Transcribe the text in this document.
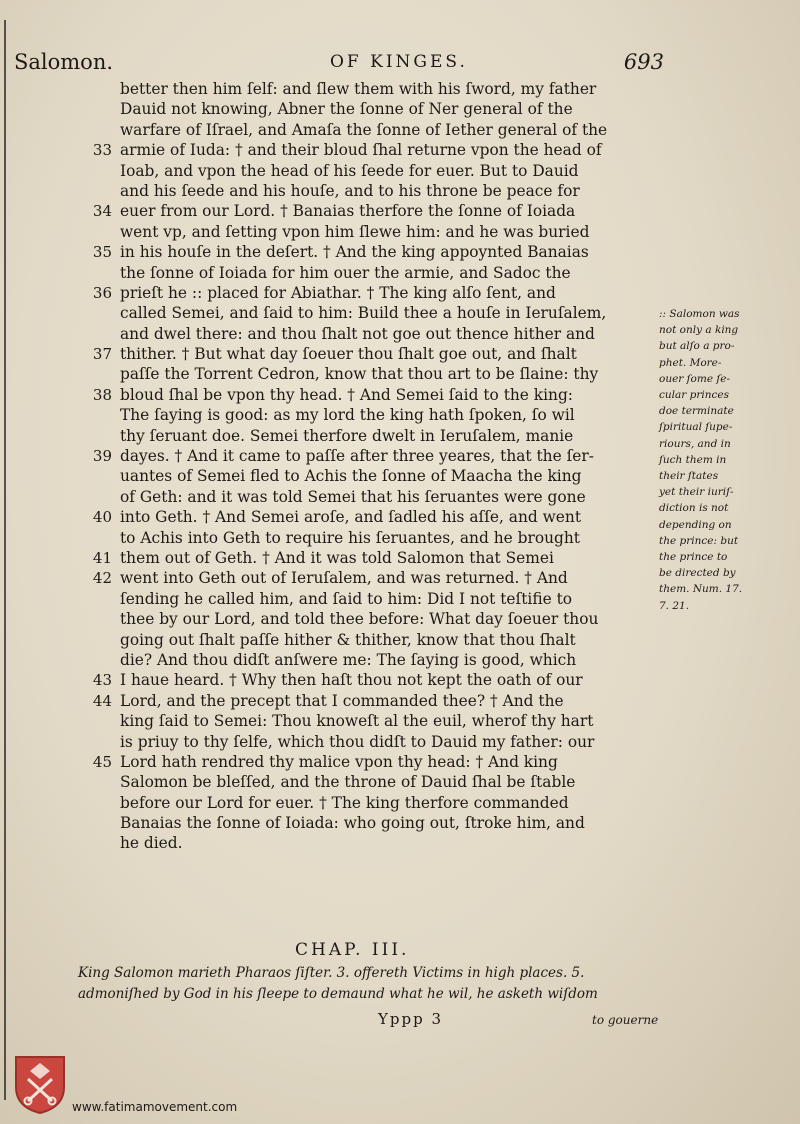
Salomon.	OF KINGES.	693
better then him ſelf: and ſlew them with his ſword, my father
Dauid not knowing, Abner the ſonne of Ner general of the
warfare of Iſrael, and Amaſa the ſonne of Iether general of the
33 armie of Iuda: † and their bloud ſhal returne vpon the head of
Ioab, and vpon the head of his ſeede for euer. But to Dauid
and his ſeede and his houſe, and to his throne be peace for
34 euer from our Lord. † Banaias therfore the ſonne of Ioiada
went vp, and ſetting vpon him ſlewe him: and he was buried
35 in his houſe in the deſert. † And the king appoynted Banaias
the ſonne of Ioiada for him ouer the armie, and Sadoc the
36 prieſt he :: placed for Abiathar. † The king alſo ſent, and
called Semei, and ſaid to him: Build thee a houſe in Ieruſalem,
and dwel there: and thou ſhalt not goe out thence hither and
37 thither. † But what day ſoeuer thou ſhalt goe out, and ſhalt
paſſe the Torrent Cedron, know that thou art to be ſlaine: thy
38 bloud ſhal be vpon thy head. † And Semei ſaid to the king:
The ſaying is good: as my lord the king hath ſpoken, ſo wil
thy ſeruant doe. Semei therfore dwelt in Ieruſalem, manie
39 dayes. † And it came to paſſe after three yeares, that the ſer-
uantes of Semei fled to Achis the ſonne of Maacha the king
of Geth: and it was told Semei that his ſeruantes were gone
40 into Geth. † And Semei aroſe, and ſadled his aſſe, and went
to Achis into Geth to require his ſeruantes, and he brought
41 them out of Geth. † And it was told Salomon that Semei
42 went into Geth out of Ieruſalem, and was returned. † And
ſending he called him, and ſaid to him: Did I not teſtifie to
thee by our Lord, and told thee before: What day ſoeuer thou
going out ſhalt paſſe hither & thither, know that thou ſhalt
die? And thou didſt anſwere me: The ſaying is good, which
43 I haue heard. † Why then haſt thou not kept the oath of our
44 Lord, and the precept that I commanded thee? † And the
king ſaid to Semei: Thou knoweſt al the euil, wherof thy hart
is priuy to thy ſelfe, which thou didſt to Dauid my father: our
45 Lord hath rendred thy malice vpon thy head: † And king
Salomon be bleſſed, and the throne of Dauid ſhal be ſtable
before our Lord for euer. † The king therfore commanded
Banaias the ſonne of Ioiada: who going out, ſtroke him, and
he died.
:: Salomon was
not only a king
but alſo a pro-
phet. More-
ouer ſome ſe-
cular princes
doe terminate
ſpiritual ſupe-
riours, and in
ſuch them in
their ſtates
yet their iuriſ-
diction is not
depending on
the prince: but
the prince to
be directed by
them. Num. 17.
7. 21.
CHAP. III.
King Salomon marieth Pharaos ſiſter. 3. offereth Victims in high places. 5.
admoniſhed by God in his ſleepe to demaund what he wil, he asketh wiſdom
Yppp 3	to gouerne
www.fatimamovement.com
